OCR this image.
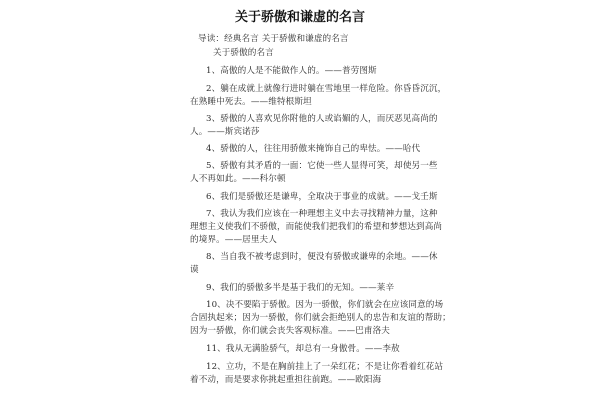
关于骄傲和谦虚的名言
导读：经典名言 关于骄傲和谦虚的名言
关于骄傲的名言
1、高傲的人是不能做作人的。——普劳图斯
2、躺在成就上就像行进时躺在雪地里一样危险。你昏昏沉沉，
在熟睡中死去。——维特根斯坦
3、骄傲的人喜欢见你附他的人或谄媚的人，而厌恶见高尚的
人。——斯宾诺莎
4、骄傲的人，往往用骄傲来掩饰自己的卑怯。——哈代
5、骄傲有其矛盾的一面：它使一些人显得可笑，却使另一些
人不再如此。——科尔顿
6、我们是骄傲还是谦卑，全取决于事业的成就。——戈壬斯
7、我认为我们应该在一种理想主义中去寻找精神力量，这种
理想主义使我们不骄傲，而能使我们把我们的希望和梦想达到高尚
的境界。——居里夫人
8、当自我不被考虑到时，便没有骄傲或谦卑的余地。——休
谟
9、我们的骄傲多半是基于我们的无知。——莱辛
10、决不要陷于骄傲。因为一骄傲，你们就会在应该同意的场
合固执起来；因为一骄傲，你们就会拒绝别人的忠告和友谊的帮助；
因为一骄傲，你们就会丧失客观标准。——巴甫洛夫
11、我从无满脸骄气，却总有一身傲骨。——李敖
12、立功，不是在胸前挂上了一朵红花；不是让你看着红花站
着不动，而是要求你挑起重担往前跑。——欧阳海
